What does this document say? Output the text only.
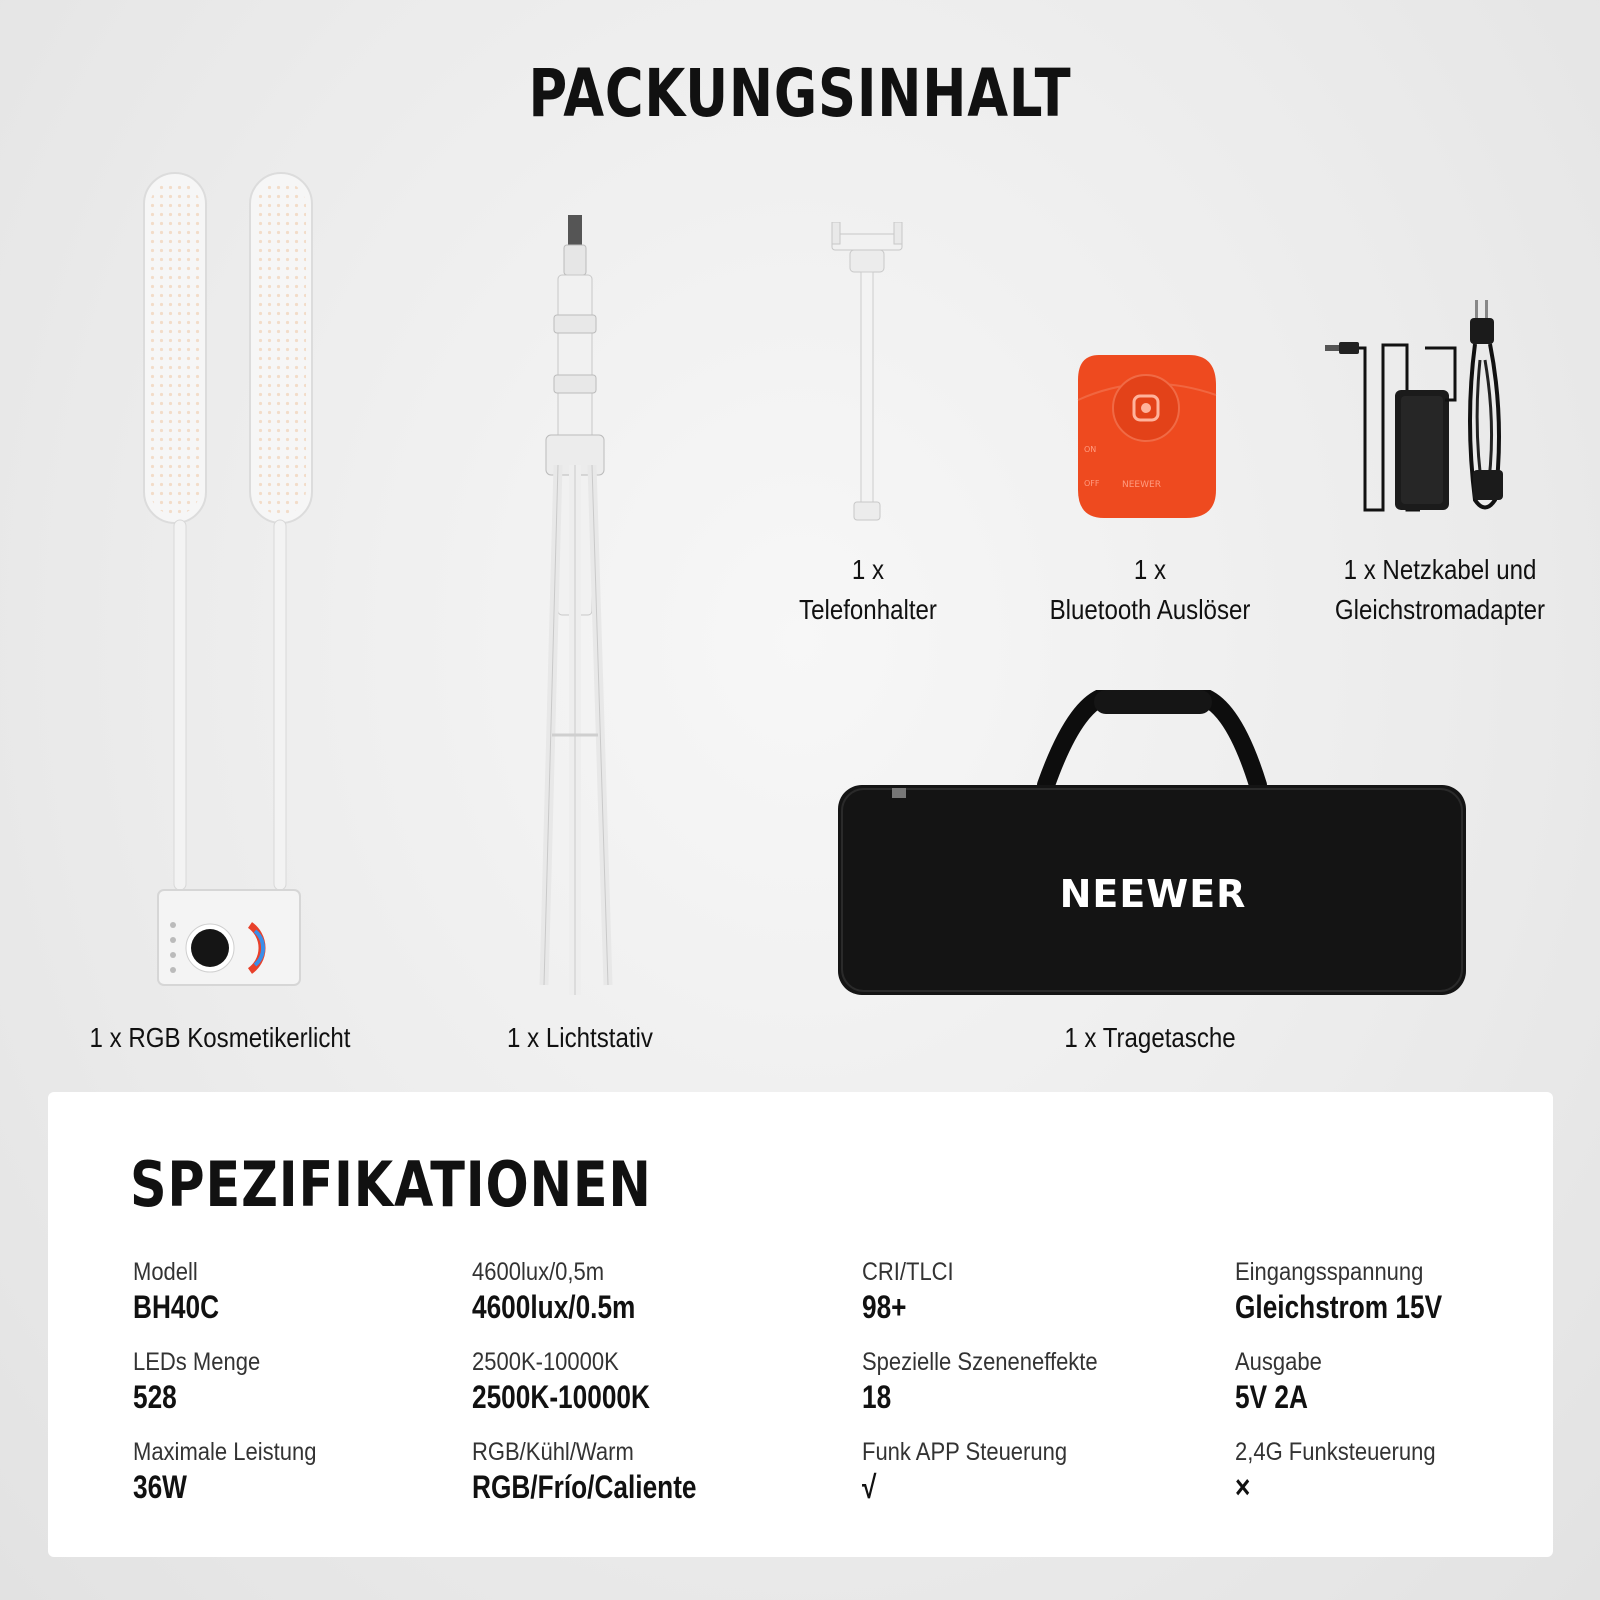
PACKUNGSINHALT
1 x RGB Kosmetikerlicht	1 x Lichtstativ
1 x
Telefonhalter
ON
OFF	NEEWER
1 x
Bluetooth Auslöser
1 x Netzkabel und
Gleichstromadapter
NEEWER
1 x Tragetasche
SPEZIFIKATIONEN
Modell
BH40C
4600lux/0,5m
4600lux/0.5m
CRI/TLCI
98+
Eingangsspannung
Gleichstrom 15V
LEDs Menge
528
2500K-10000K
2500K-10000K
Spezielle Szeneneffekte
18
Ausgabe
5V 2A
Maximale Leistung
36W
RGB/Kühl/Warm
RGB/Frío/Caliente
Funk APP Steuerung
√
2,4G Funksteuerung
×
